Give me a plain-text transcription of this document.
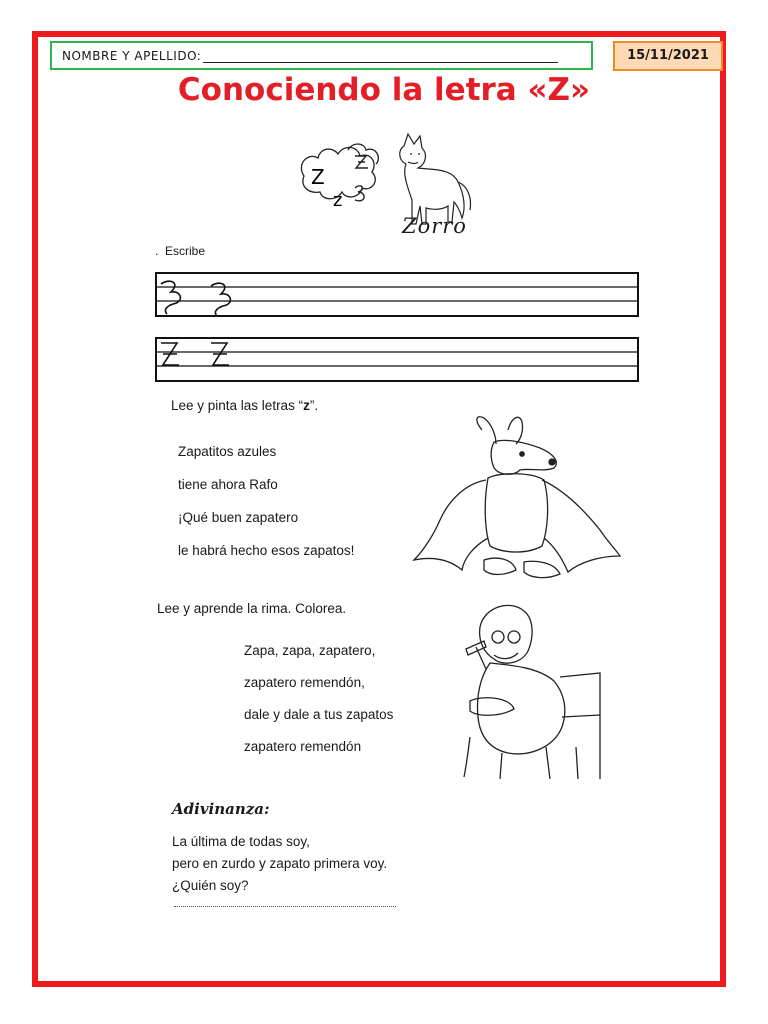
NOMBRE Y APELLIDO:	15/11/2021
Conociendo la letra «Z»
Z
z
Zorro
.  Escribe
Lee y pinta las letras “z”.
Zapatitos azules
tiene ahora Rafo
¡Qué buen zapatero
le habrá hecho esos zapatos!
Lee y aprende la rima. Colorea.
Zapa, zapa, zapatero,
zapatero remendón,
dale y dale a tus zapatos
zapatero remendón
Adivinanza:
La última de todas soy,
pero en zurdo y zapato primera voy.
¿Quién soy?
